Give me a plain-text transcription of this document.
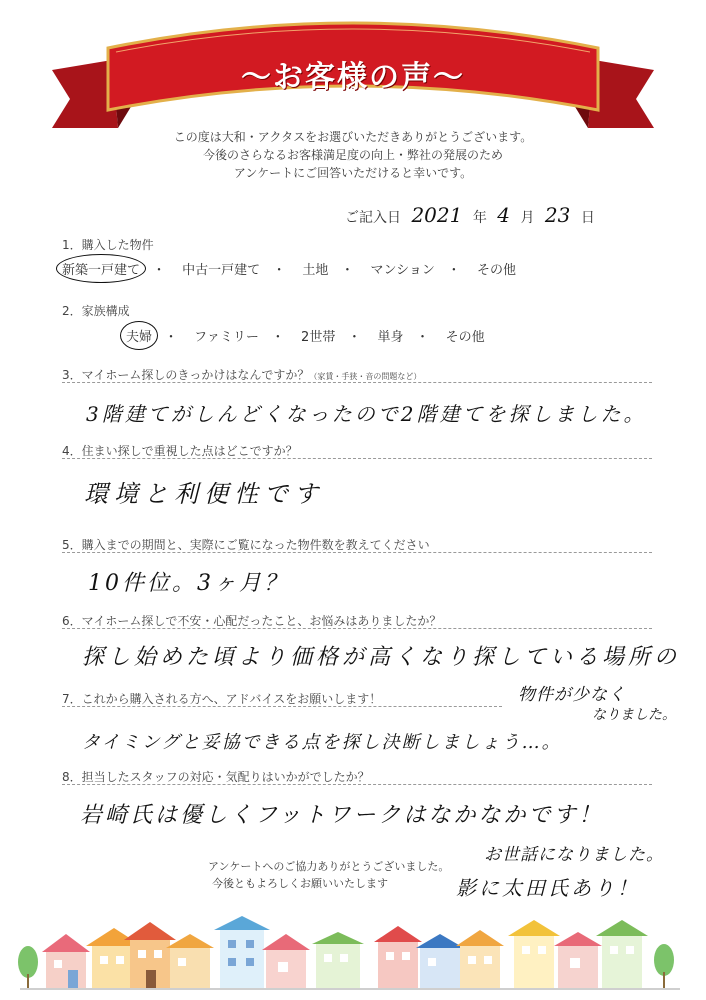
～お客様の声～
この度は大和・アクタスをお選びいただきありがとうございます。
今後のさらなるお客様満足度の向上・弊社の発展のため
アンケートにご回答いただけると幸いです。
ご記入日 2021 年 4 月 23 日
1．購入した物件
新築一戸建て ・ 中古一戸建て ・ 土地 ・ マンション ・ その他
2．家族構成
夫婦 ・ ファミリー ・ 2世帯 ・ 単身 ・ その他
3．マイホーム探しのきっかけはなんですか？（家賃・手狭・音の問題など）
3階建てがしんどくなったので2階建てを探しました。
4．住まい探しで重視した点はどこですか？
環境と利便性です
5．購入までの期間と、実際にご覧になった物件数を教えてください
10件位。3ヶ月？
6．マイホーム探しで不安・心配だったこと、お悩みはありましたか？
探し始めた頃より価格が高くなり探している場所の
物件が少なく
なりました。
7．これから購入される方へ、アドバイスをお願いします！
タイミングと妥協できる点を探し決断しましょう…。
8．担当したスタッフの対応・気配りはいかがでしたか？
岩崎氏は優しくフットワークはなかなかです！
お世話になりました。
影に太田氏あり！
アンケートへのご協力ありがとうございました。
今後ともよろしくお願いいたします
